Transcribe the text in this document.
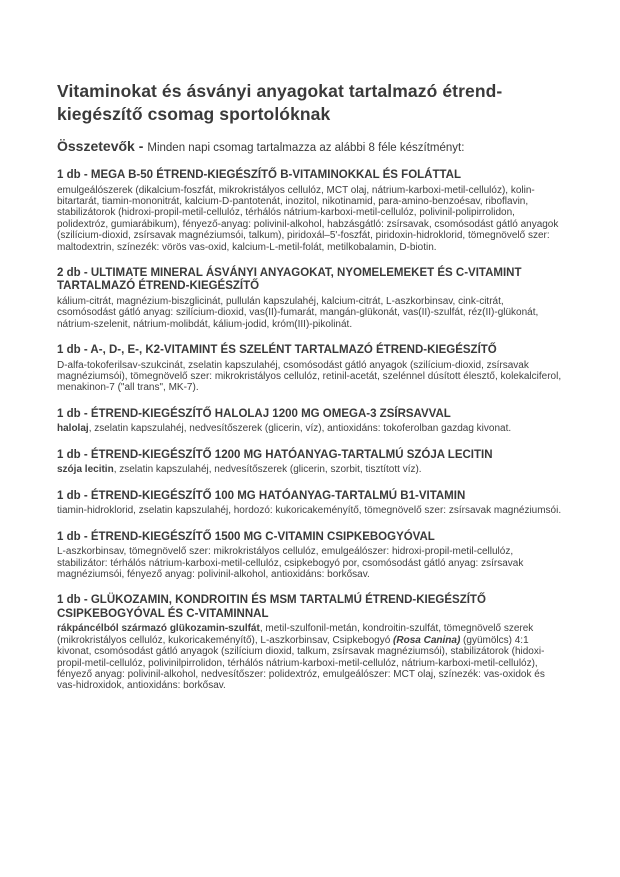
Vitaminokat és ásványi anyagokat tartalmazó étrend-kiegészítő csomag sportolóknak

Összetevők - Minden napi csomag tartalmazza az alábbi 8 féle készítményt:

1 db - MEGA B-50 ÉTREND-KIEGÉSZÍTŐ B-VITAMINOKKAL ÉS FOLÁTTAL

emulgeálószerek (dikalcium-foszfát, mikrokristályos cellulóz, MCT olaj, nátrium-karboxi-metil-cellulóz), kolin-bitartarát, tiamin-mononitrát, kalcium-D-pantotenát, inozitol, nikotinamid, para-amino-benzoésav, riboflavin, stabilizátorok (hidroxi-propil-metil-cellulóz, térhálós nátrium-karboxi-metil-cellulóz, polivinil-polipirrolidon, polidextróz, gumiarábikum), fényező-anyag: polivinil-alkohol, habzásgátló: zsírsavak, csomósodást gátló anyagok (szilícium-dioxid, zsírsavak magnéziumsói, talkum), piridoxál–5'-foszfát, piridoxin-hidroklorid, tömegnövelő szer: maltodextrin, színezék: vörös vas-oxid, kalcium-L-metil-folát, metilkobalamin, D-biotin.

2 db - ULTIMATE MINERAL ÁSVÁNYI ANYAGOKAT, NYOMELEMEKET ÉS C-VITAMINT TARTALMAZÓ ÉTREND-KIEGÉSZÍTŐ

kálium-citrát, magnézium-biszglicinát, pullulán kapszulahéj, kalcium-citrát, L-aszkorbinsav, cink-citrát, csomósodást gátló anyag: szilícium-dioxid, vas(II)-fumarát, mangán-glükonát, vas(II)-szulfát, réz(II)-glükonát, nátrium-szelenit, nátrium-molibdát, kálium-jodid, króm(III)-pikolinát.

1 db - A-, D-, E-, K2-VITAMINT ÉS SZELÉNT TARTALMAZÓ ÉTREND-KIEGÉSZÍTŐ

D-alfa-tokoferilsav-szukcinát, zselatin kapszulahéj, csomósodást gátló anyagok (szilícium-dioxid, zsírsavak magnéziumsói), tömegnövelő szer: mikrokristályos cellulóz, retinil-acetát, szelénnel dúsított élesztő, kolekalciferol, menakinon-7 ("all trans", MK-7).

1 db - ÉTREND-KIEGÉSZÍTŐ HALOLAJ 1200 MG OMEGA-3 ZSÍRSAVVAL

halolaj, zselatin kapszulahéj, nedvesítőszerek (glicerin, víz), antioxidáns: tokoferolban gazdag kivonat.

1 db - ÉTREND-KIEGÉSZÍTŐ 1200 MG HATÓANYAG-TARTALMÚ SZÓJA LECITIN

szója lecitin, zselatin kapszulahéj, nedvesítőszerek (glicerin, szorbit, tisztított víz).

1 db - ÉTREND-KIEGÉSZÍTŐ 100 MG HATÓANYAG-TARTALMÚ B1-VITAMIN

tiamin-hidroklorid, zselatin kapszulahéj, hordozó: kukoricakeményítő, tömegnövelő szer: zsírsavak magnéziumsói.

1 db - ÉTREND-KIEGÉSZÍTŐ 1500 MG C-VITAMIN CSIPKEBOGYÓVAL

L-aszkorbinsav, tömegnövelő szer: mikrokristályos cellulóz, emulgeálószer: hidroxi-propil-metil-cellulóz, stabilizátor: térhálós nátrium-karboxi-metil-cellulóz, csipkebogyó por, csomósodást gátló anyag: zsírsavak magnéziumsói, fényező anyag: polivinil-alkohol, antioxidáns: borkősav.

1 db - GLÜKOZAMIN, KONDROITIN ÉS MSM TARTALMÚ ÉTREND-KIEGÉSZÍTŐ CSIPKEBOGYÓVAL ÉS C-VITAMINNAL

rákpáncélból származó glükozamin-szulfát, metil-szulfonil-metán, kondroitin-szulfát, tömegnövelő szerek (mikrokristályos cellulóz, kukoricakeményítő), L-aszkorbinsav, Csipkebogyó (Rosa Canina) (gyümölcs) 4:1 kivonat, csomósodást gátló anyagok (szilícium dioxid, talkum, zsírsavak magnéziumsói), stabilizátorok (hidoxi-propil-metil-cellulóz, polivinilpirrolidon, térhálós nátrium-karboxi-metil-cellulóz, nátrium-karboxi-metil-cellulóz), fényező anyag: polivinil-alkohol, nedvesítőszer: polidextróz, emulgeálószer: MCT olaj, színezék: vas-oxidok és vas-hidroxidok, antioxidáns: borkősav.
